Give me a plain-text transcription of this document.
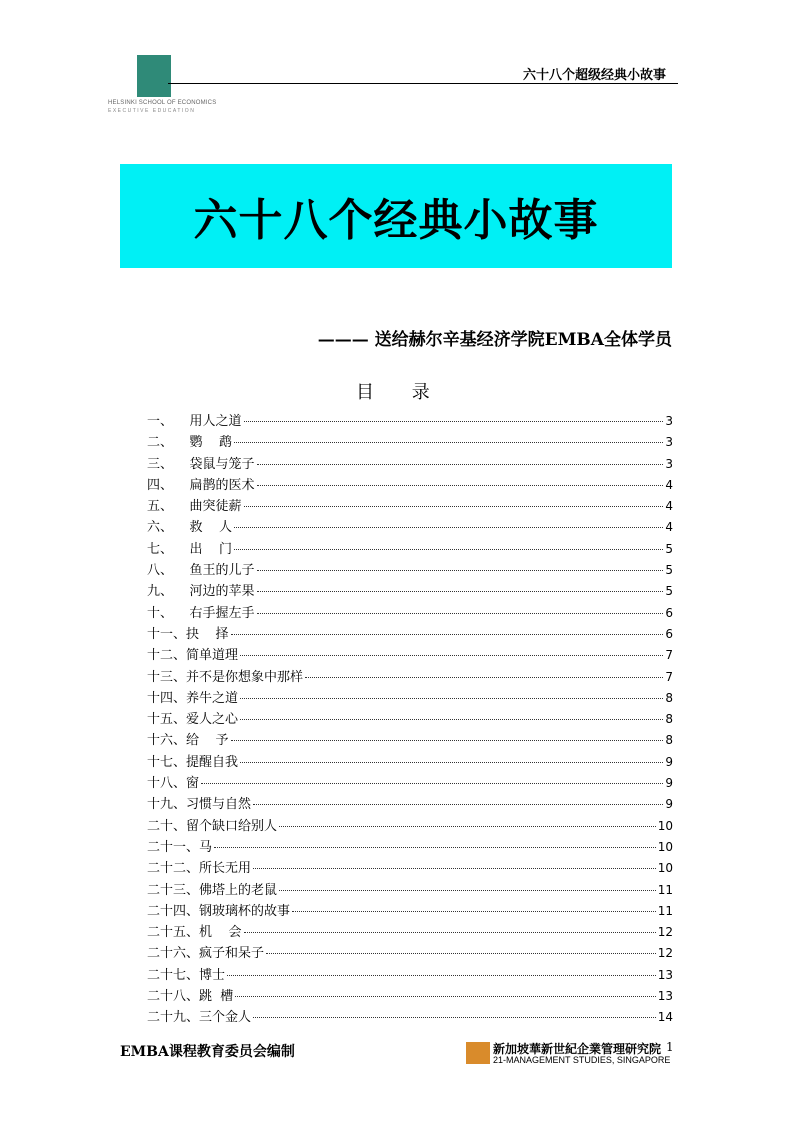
HELSINKI SCHOOL OF ECONOMICS
EXECUTIVE EDUCATION
六十八个超级经典小故事
六十八个经典小故事
——— 送给赫尔辛基经济学院EMBA全体学员
目 录
一、    用人之道	3
二、    鹦    鹉	3
三、    袋鼠与笼子	3
四、    扁鹊的医术	4
五、    曲突徒薪	4
六、    救    人	4
七、    出    门	5
八、    鱼王的儿子	5
九、    河边的苹果	5
十、    右手握左手	6
十一、抉    择	6
十二、简单道理	7
十三、并不是你想象中那样	7
十四、养牛之道	8
十五、爱人之心	8
十六、给    予	8
十七、提醒自我	9
十八、窗	9
十九、习惯与自然	9
二十、留个缺口给别人	10
二十一、马	10
二十二、所长无用	10
二十三、佛塔上的老鼠	11
二十四、钢玻璃杯的故事	11
二十五、机    会	12
二十六、疯子和呆子	12
二十七、博士	13
二十八、跳  槽	13
二十九、三个金人	14
EMBA课程教育委员会编制	新加坡華新世紀企業管理研究院
21-MANAGEMENT STUDIES, SINGAPORE
1
